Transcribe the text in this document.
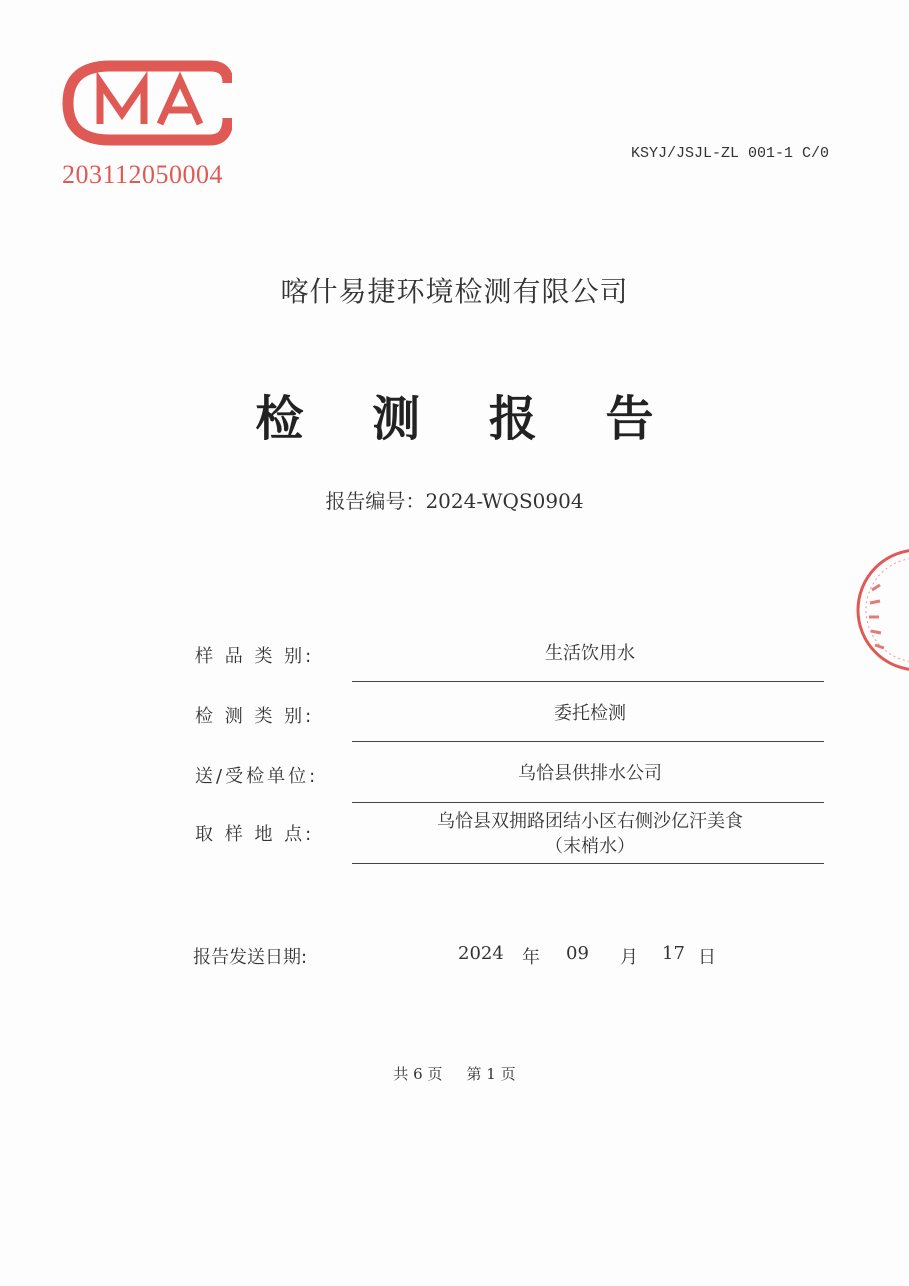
203112050004
KSYJ/JSJL-ZL 001-1 C/0
喀什易捷环境检测有限公司
检 测 报 告
报告编号：2024-WQS0904
样 品 类 别:	生活饮用水
检 测 类 别:	委托检测
送/受检单位:	乌恰县供排水公司
取 样 地 点:
乌恰县双拥路团结小区右侧沙亿汗美食
（末梢水）
报告发送日期:	2024 年 09 月 17 日
共 6 页 第 1 页
